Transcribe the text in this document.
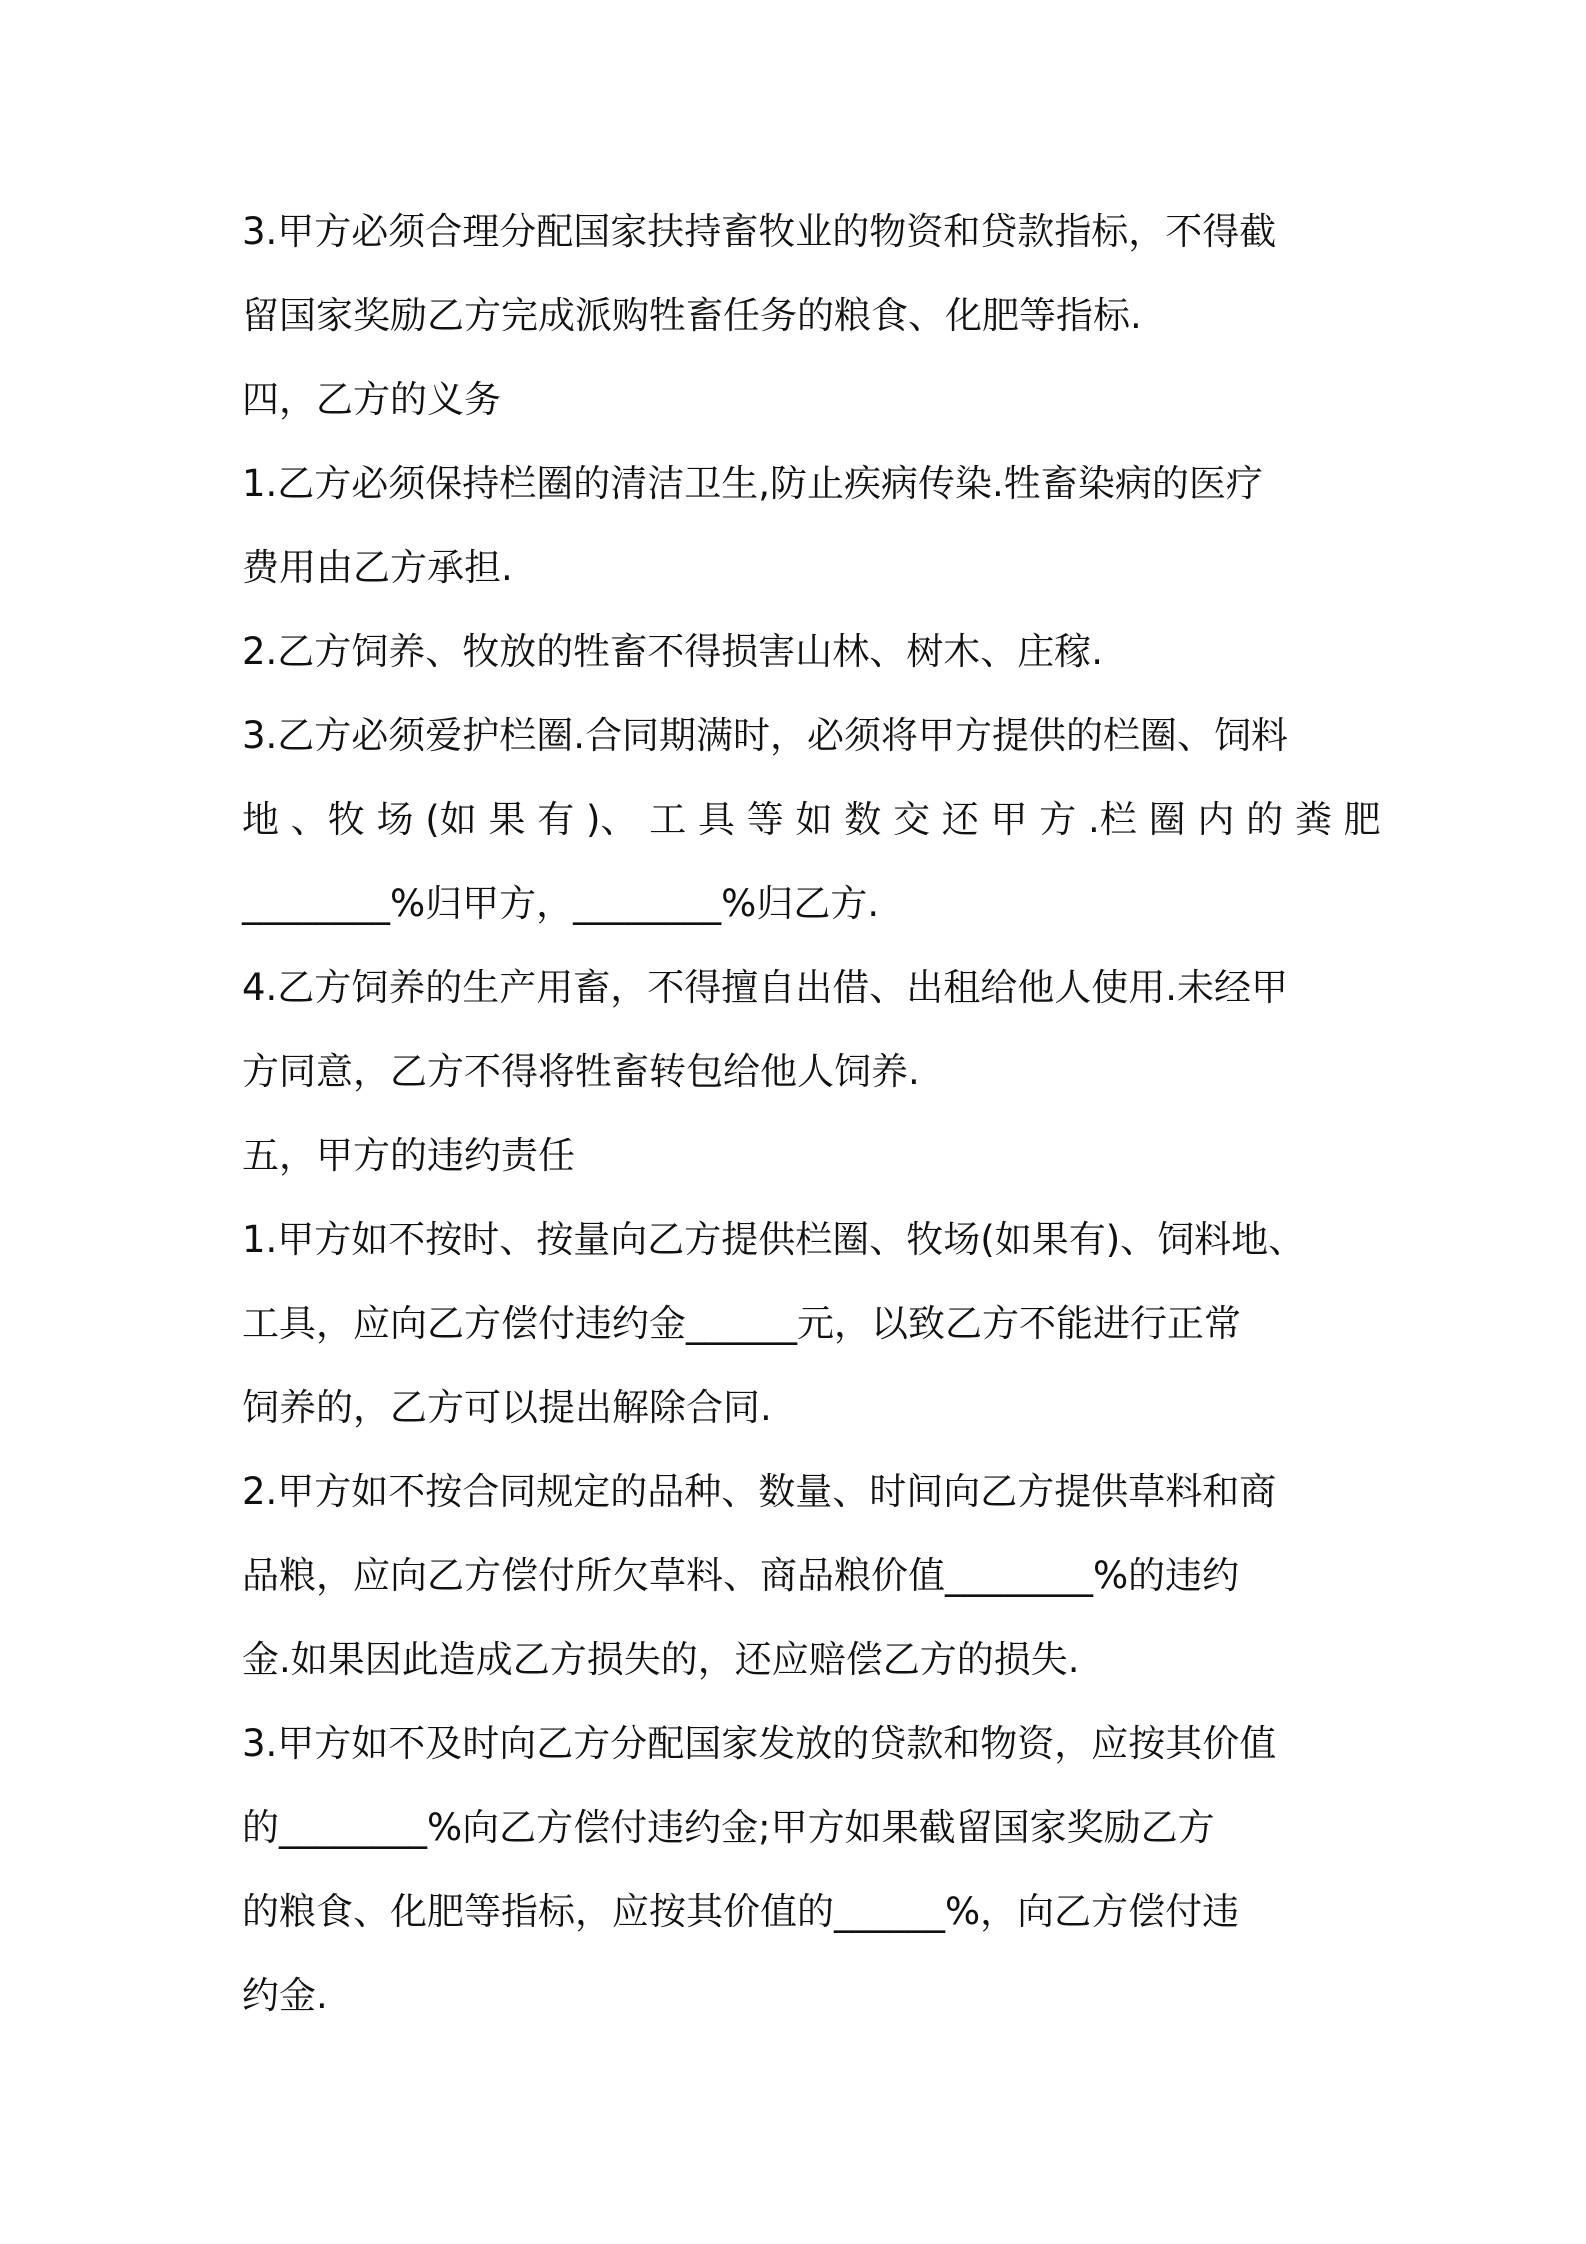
3.甲方必须合理分配国家扶持畜牧业的物资和贷款指标，不得截

留国家奖励乙方完成派购牲畜任务的粮食、化肥等指标.

四，乙方的义务

1.乙方必须保持栏圈的清洁卫生,防止疾病传染.牲畜染病的医疗

费用由乙方承担.

2.乙方饲养、牧放的牲畜不得损害山林、树木、庄稼.

3.乙方必须爱护栏圈.合同期满时，必须将甲方提供的栏圈、饲料

地 、牧 场 (如 果 有 )、 工 具 等 如 数 交 还 甲 方 .栏 圈 内 的 粪 肥

________%归甲方，________%归乙方.

4.乙方饲养的生产用畜，不得擅自出借、出租给他人使用.未经甲

方同意，乙方不得将牲畜转包给他人饲养.

五，甲方的违约责任

1.甲方如不按时、按量向乙方提供栏圈、牧场(如果有)、饲料地、

工具，应向乙方偿付违约金______元，以致乙方不能进行正常

饲养的，乙方可以提出解除合同.

2.甲方如不按合同规定的品种、数量、时间向乙方提供草料和商

品粮，应向乙方偿付所欠草料、商品粮价值________%的违约

金.如果因此造成乙方损失的，还应赔偿乙方的损失.

3.甲方如不及时向乙方分配国家发放的贷款和物资，应按其价值

的________%向乙方偿付违约金;甲方如果截留国家奖励乙方

的粮食、化肥等指标，应按其价值的______%，向乙方偿付违

约金.
